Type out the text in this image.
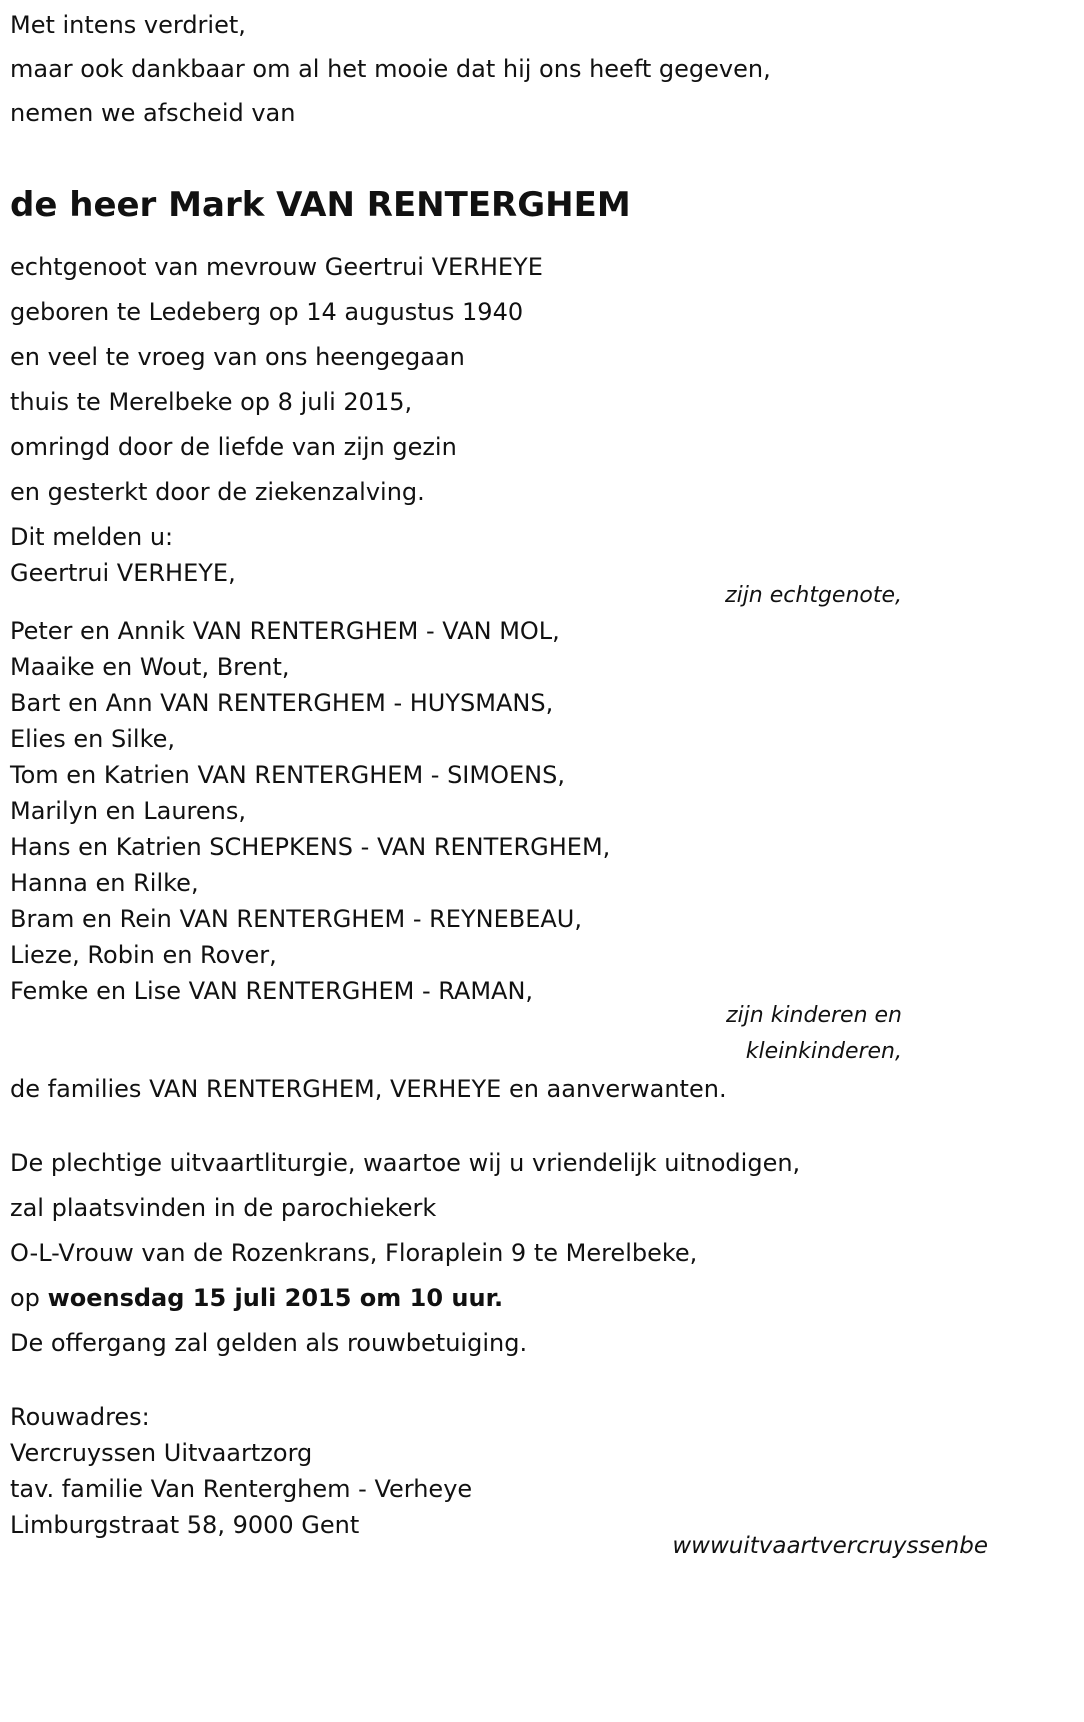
Met intens verdriet,
maar ook dankbaar om al het mooie dat hij ons heeft gegeven,
nemen we afscheid van
de heer Mark VAN RENTERGHEM
echtgenoot van mevrouw Geertrui VERHEYE
geboren te Ledeberg op 14 augustus 1940
en veel te vroeg van ons heengegaan
thuis te Merelbeke op 8 juli 2015,
omringd door de liefde van zijn gezin
en gesterkt door de ziekenzalving.
Dit melden u:
Geertrui VERHEYE,
zijn echtgenote,
Peter en Annik VAN RENTERGHEM - VAN MOL,
Maaike en Wout, Brent,
Bart en Ann VAN RENTERGHEM - HUYSMANS,
Elies en Silke,
Tom en Katrien VAN RENTERGHEM - SIMOENS,
Marilyn en Laurens,
Hans en Katrien SCHEPKENS - VAN RENTERGHEM,
Hanna en Rilke,
Bram en Rein VAN RENTERGHEM - REYNEBEAU,
Lieze, Robin en Rover,
Femke en Lise VAN RENTERGHEM - RAMAN,
zijn kinderen en
kleinkinderen,
de families VAN RENTERGHEM, VERHEYE en aanverwanten.
De plechtige uitvaartliturgie, waartoe wij u vriendelijk uitnodigen,
zal plaatsvinden in de parochiekerk
O-L-Vrouw van de Rozenkrans, Floraplein 9 te Merelbeke,
op woensdag 15 juli 2015 om 10 uur.
De offergang zal gelden als rouwbetuiging.
Rouwadres:
Vercruyssen Uitvaartzorg
tav. familie Van Renterghem - Verheye
Limburgstraat 58, 9000 Gent
wwwuitvaartvercruyssenbe
